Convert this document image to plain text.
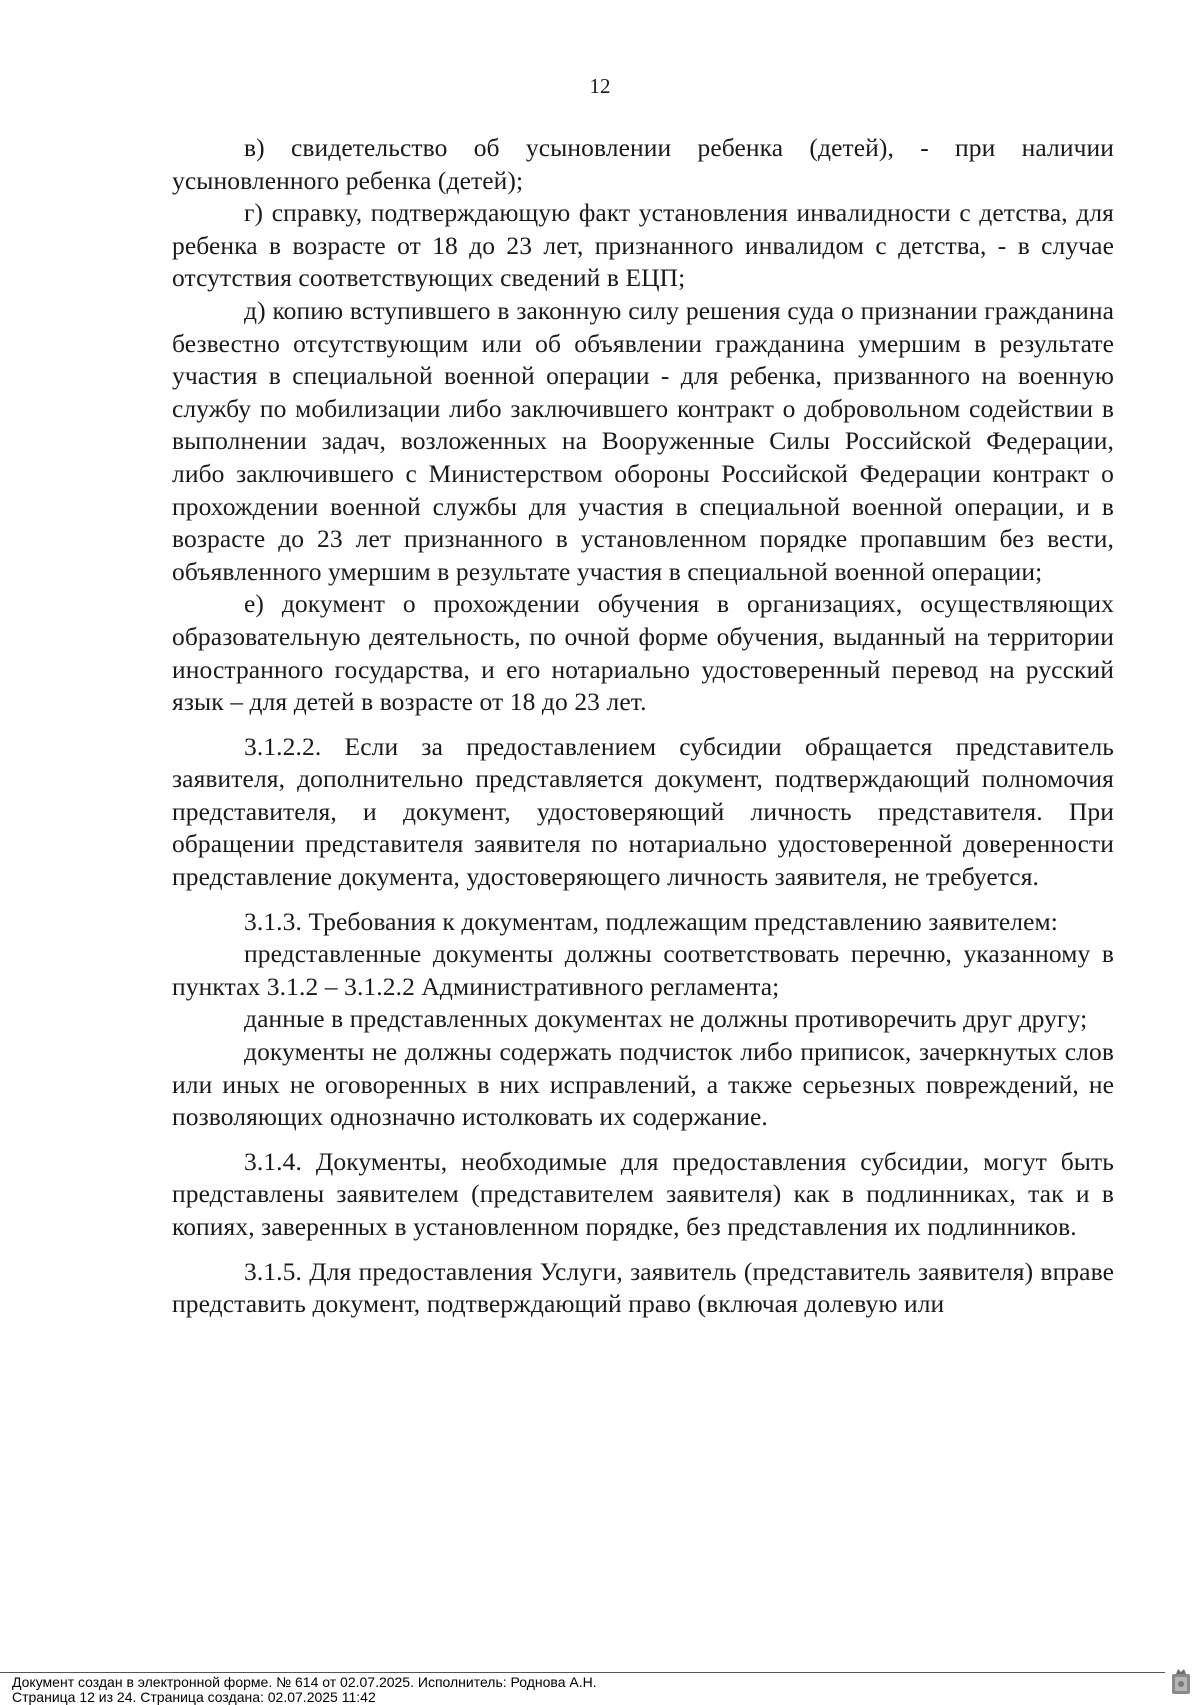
12

в) свидетельство об усыновлении ребенка (детей), - при наличии усыновленного ребенка (детей);

г) справку, подтверждающую факт установления инвалидности с детства, для ребенка в возрасте от 18 до 23 лет, признанного инвалидом с детства, - в случае отсутствия соответствующих сведений в ЕЦП;

д) копию вступившего в законную силу решения суда о признании гражданина безвестно отсутствующим или об объявлении гражданина умершим в результате участия в специальной военной операции - для ребенка, призванного на военную службу по мобилизации либо заключившего контракт о добровольном содействии в выполнении задач, возложенных на Вооруженные Силы Российской Федерации, либо заключившего с Министерством обороны Российской Федерации контракт о прохождении военной службы для участия в специальной военной операции, и в возрасте до 23 лет признанного в установленном порядке пропавшим без вести, объявленного умершим в результате участия в специальной военной операции;

е) документ о прохождении обучения в организациях, осуществляющих образовательную деятельность, по очной форме обучения, выданный на территории иностранного государства, и его нотариально удостоверенный перевод на русский язык – для детей в возрасте от 18 до 23 лет.

3.1.2.2. Если за предоставлением субсидии обращается представитель заявителя, дополнительно представляется документ, подтверждающий полномочия представителя, и документ, удостоверяющий личность представителя. При обращении представителя заявителя по нотариально удостоверенной доверенности представление документа, удостоверяющего личность заявителя, не требуется.

3.1.3. Требования к документам, подлежащим представлению заявителем:

представленные документы должны соответствовать перечню, указанному в пунктах 3.1.2 – 3.1.2.2 Административного регламента;

данные в представленных документах не должны противоречить друг другу;

документы не должны содержать подчисток либо приписок, зачеркнутых слов или иных не оговоренных в них исправлений, а также серьезных повреждений, не позволяющих однозначно истолковать их содержание.

3.1.4. Документы, необходимые для предоставления субсидии, могут быть представлены заявителем (представителем заявителя) как в подлинниках, так и в копиях, заверенных в установленном порядке, без представления их подлинников.

3.1.5. Для предоставления Услуги, заявитель (представитель заявителя) вправе представить документ, подтверждающий право (включая долевую или

Документ создан в электронной форме. № 614 от 02.07.2025. Исполнитель: Роднова А.Н.
Страница 12 из 24. Страница создана: 02.07.2025 11:42
